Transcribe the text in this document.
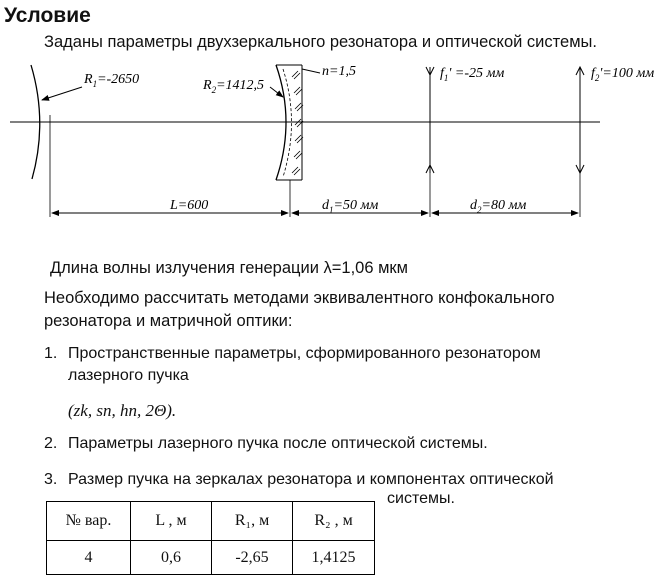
Условие
Заданы параметры двухзеркального резонатора и оптической системы.
$R_1=-2650$	$R_2=1412,5$
n=1,5	$f_1' =-25$ мм	$f_2'=100$ мм
L=600	$d_1=50$ мм	$d_2=80$ мм
Длина волны излучения генерации λ=1,06 мкм
Необходимо рассчитать методами эквивалентного конфокального резонатора и матричной оптики:
1. Пространственные параметры, сформированного резонатором лазерного пучка
(zk, sn, hn, 2Θ).
2. Параметры лазерного пучка после оптической системы.
3. Размер пучка на зеркалах резонатора и компонентах оптической
системы.
№ вар.	L , м	R₁, м	R₂ , м
4	0,6	-2,65	1,4125
